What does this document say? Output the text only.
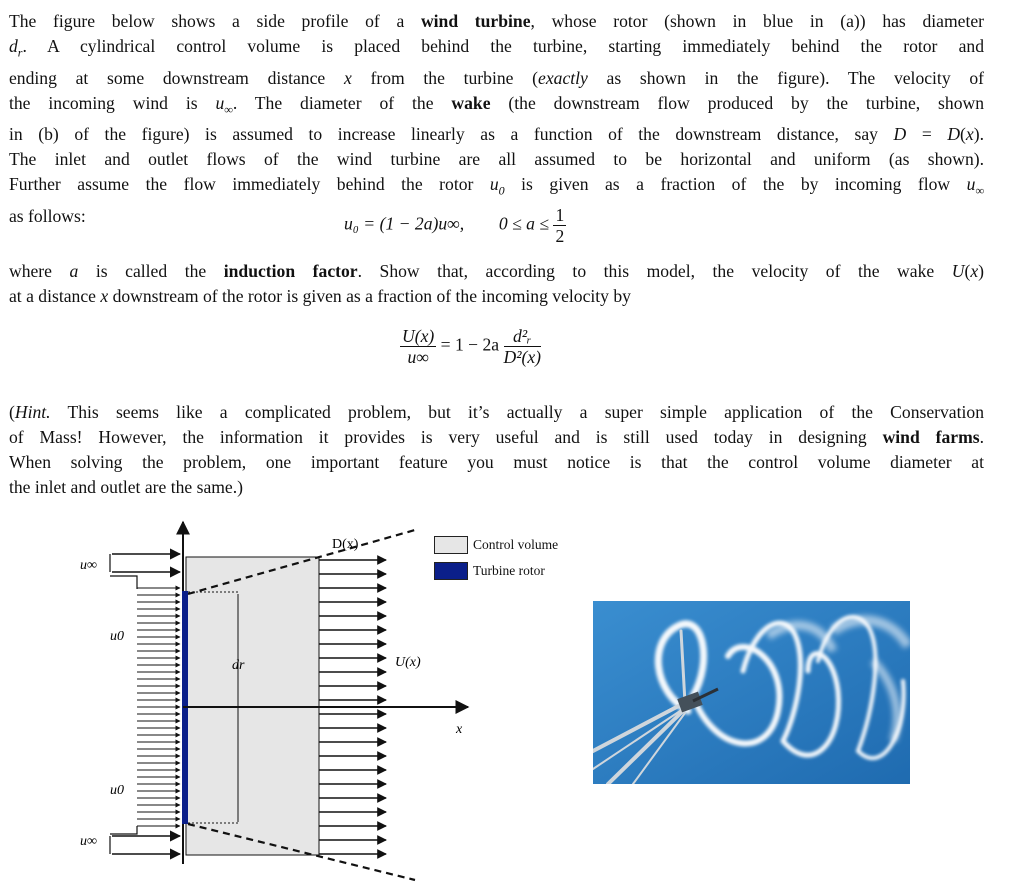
The figure below shows a side profile of a wind turbine, whose rotor (shown in blue in (a)) has diameter
$d_r$. A cylindrical control volume is placed behind the turbine, starting immediately behind the rotor and
ending at some downstream distance x from the turbine (exactly as shown in the figure). The velocity of
the incoming wind is $u_\infty$. The diameter of the wake (the downstream flow produced by the turbine, shown
in (b) of the figure) is assumed to increase linearly as a function of the downstream distance, say D = D(x).
The inlet and outlet flows of the wind turbine are all assumed to be horizontal and uniform (as shown).
Further assume the flow immediately behind the rotor $u_0$ is given as a fraction of the by incoming flow $u_\infty$
as follows:	u₀ = (1 − 2a)u∞, $0 \le a \le \frac{1}{2}$
where a is called the induction factor. Show that, according to this model, the velocity of the wake U(x)
at a distance x downstream of the rotor is given as a fraction of the incoming velocity by
$\frac{U(x)}{u\infty} = 1 - 2a \frac{\text{d²ᵣ}}{\text{D²(x)}}$
(Hint. This seems like a complicated problem, but it’s actually a super simple application of the Conservation
of Mass! However, the information it provides is very useful and is still used today in designing wind farms.
When solving the problem, one important feature you must notice is that the control volume diameter at
the inlet and outlet are the same.)
u∞
u0
dr	U(x)
D(x)
x
u0
u∞
Control volume
Turbine rotor
